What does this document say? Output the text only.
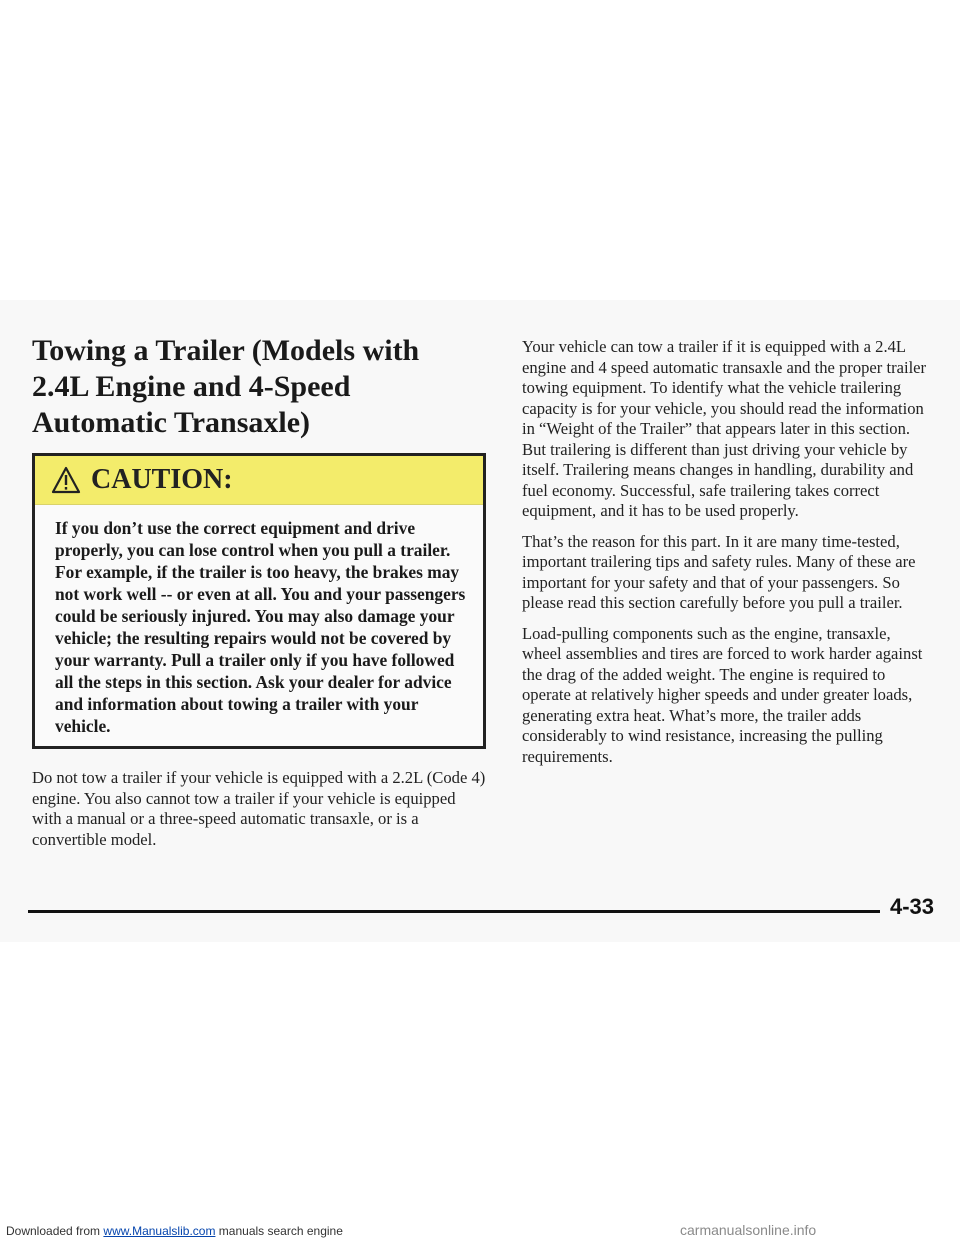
Towing a Trailer (Models with 2.4L Engine and 4-Speed Automatic Transaxle)
CAUTION:

If you don’t use the correct equipment and drive properly, you can lose control when you pull a trailer. For example, if the trailer is too heavy, the brakes may not work well -- or even at all. You and your passengers could be seriously injured. You may also damage your vehicle; the resulting repairs would not be covered by your warranty. Pull a trailer only if you have followed all the steps in this section. Ask your dealer for advice and information about towing a trailer with your vehicle.

Do not tow a trailer if your vehicle is equipped with a 2.2L (Code 4) engine. You also cannot tow a trailer if your vehicle is equipped with a manual or a three-speed automatic transaxle, or is a convertible model.

Your vehicle can tow a trailer if it is equipped with a 2.4L engine and 4 speed automatic transaxle and the proper trailer towing equipment. To identify what the vehicle trailering capacity is for your vehicle, you should read the information in “Weight of the Trailer” that appears later in this section. But trailering is different than just driving your vehicle by itself. Trailering means changes in handling, durability and fuel economy. Successful, safe trailering takes correct equipment, and it has to be used properly.

That’s the reason for this part. In it are many time-tested, important trailering tips and safety rules. Many of these are important for your safety and that of your passengers. So please read this section carefully before you pull a trailer.

Load-pulling components such as the engine, transaxle, wheel assemblies and tires are forced to work harder against the drag of the added weight. The engine is required to operate at relatively higher speeds and under greater loads, generating extra heat. What’s more, the trailer adds considerably to wind resistance, increasing the pulling requirements.

4-33
Downloaded from www.Manualslib.com manuals search engine	carmanualsonline.info
